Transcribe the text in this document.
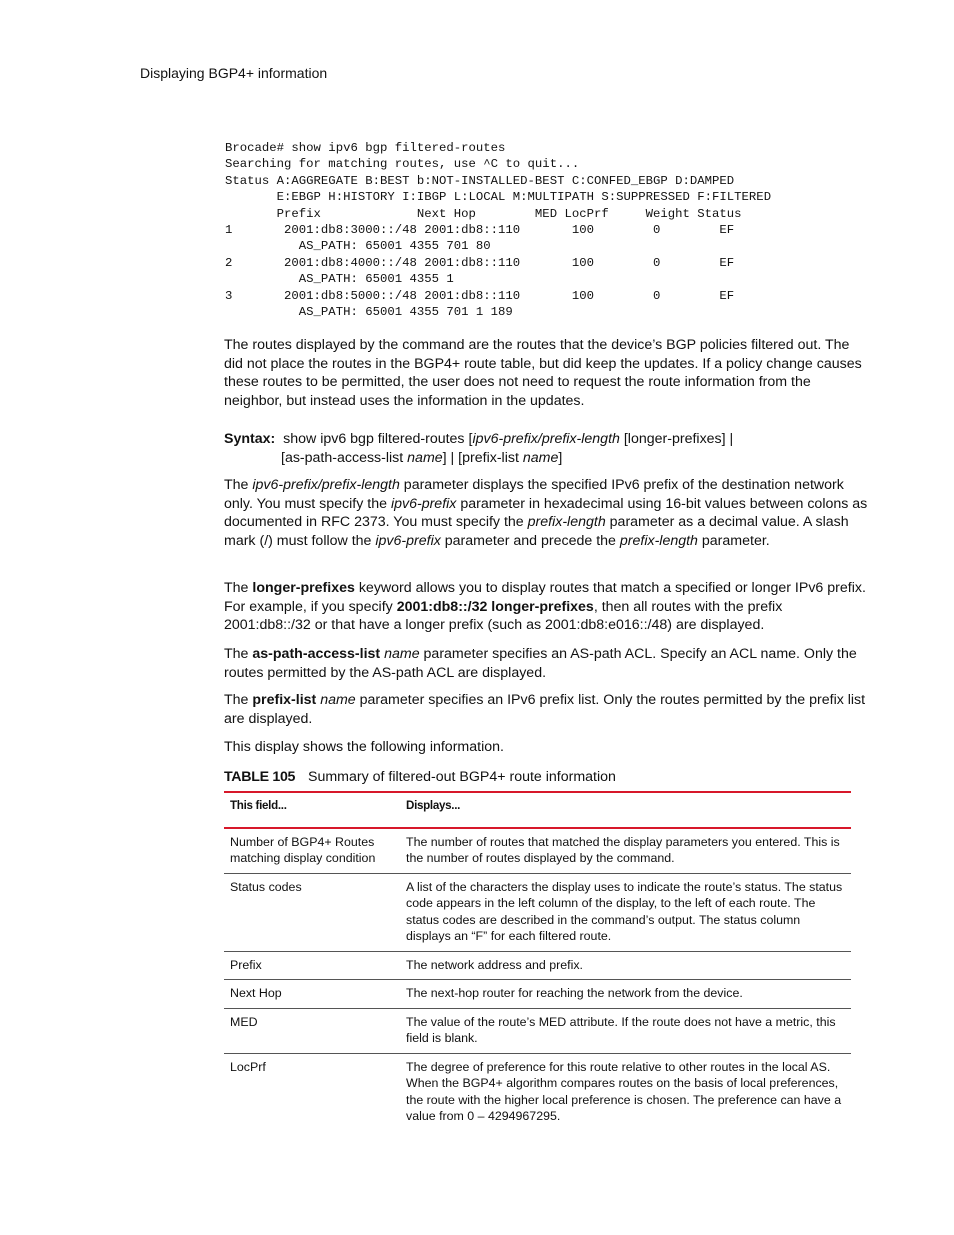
Displaying BGP4+ information
Brocade# show ipv6 bgp filtered-routes
Searching for matching routes, use ^C to quit...
Status A:AGGREGATE B:BEST b:NOT-INSTALLED-BEST C:CONFED_EBGP D:DAMPED
E:EBGP H:HISTORY I:IBGP L:LOCAL M:MULTIPATH S:SUPPRESSED F:FILTERED
Prefix             Next Hop        MED LocPrf     Weight Status
1       2001:db8:3000::/48 2001:db8::110       100        0        EF
AS_PATH: 65001 4355 701 80
2       2001:db8:4000::/48 2001:db8::110       100        0        EF
AS_PATH: 65001 4355 1
3       2001:db8:5000::/48 2001:db8::110       100        0        EF
AS_PATH: 65001 4355 701 1 189

The routes displayed by the command are the routes that the device’s BGP policies filtered out. The did not place the routes in the BGP4+ route table, but did keep the updates. If a policy change causes these routes to be permitted, the user does not need to request the route information from the neighbor, but instead uses the information in the updates.

Syntax: show ipv6 bgp filtered-routes [ipv6-prefix/prefix-length [longer-prefixes] |
[as-path-access-list name] | [prefix-list name]

The ipv6-prefix/prefix-length parameter displays the specified IPv6 prefix of the destination network only. You must specify the ipv6-prefix parameter in hexadecimal using 16-bit values between colons as documented in RFC 2373. You must specify the prefix-length parameter as a decimal value. A slash mark (/) must follow the ipv6-prefix parameter and precede the prefix-length parameter.

The longer-prefixes keyword allows you to display routes that match a specified or longer IPv6 prefix. For example, if you specify 2001:db8::/32 longer-prefixes, then all routes with the prefix 2001:db8::/32 or that have a longer prefix (such as 2001:db8:e016::/48) are displayed.

The as-path-access-list name parameter specifies an AS-path ACL. Specify an ACL name. Only the routes permitted by the AS-path ACL are displayed.

The prefix-list name parameter specifies an IPv6 prefix list. Only the routes permitted by the prefix list are displayed.

This display shows the following information.

TABLE 105 Summary of filtered-out BGP4+ route information
This field...	Displays...
Number of BGP4+ Routes matching display condition	The number of routes that matched the display parameters you entered. This is the number of routes displayed by the command.
Status codes	A list of the characters the display uses to indicate the route’s status. The status code appears in the left column of the display, to the left of each route. The status codes are described in the command’s output. The status column displays an “F” for each filtered route.
Prefix	The network address and prefix.
Next Hop	The next-hop router for reaching the network from the device.
MED	The value of the route’s MED attribute. If the route does not have a metric, this field is blank.
LocPrf	The degree of preference for this route relative to other routes in the local AS. When the BGP4+ algorithm compares routes on the basis of local preferences, the route with the higher local preference is chosen. The preference can have a value from 0 – 4294967295.
